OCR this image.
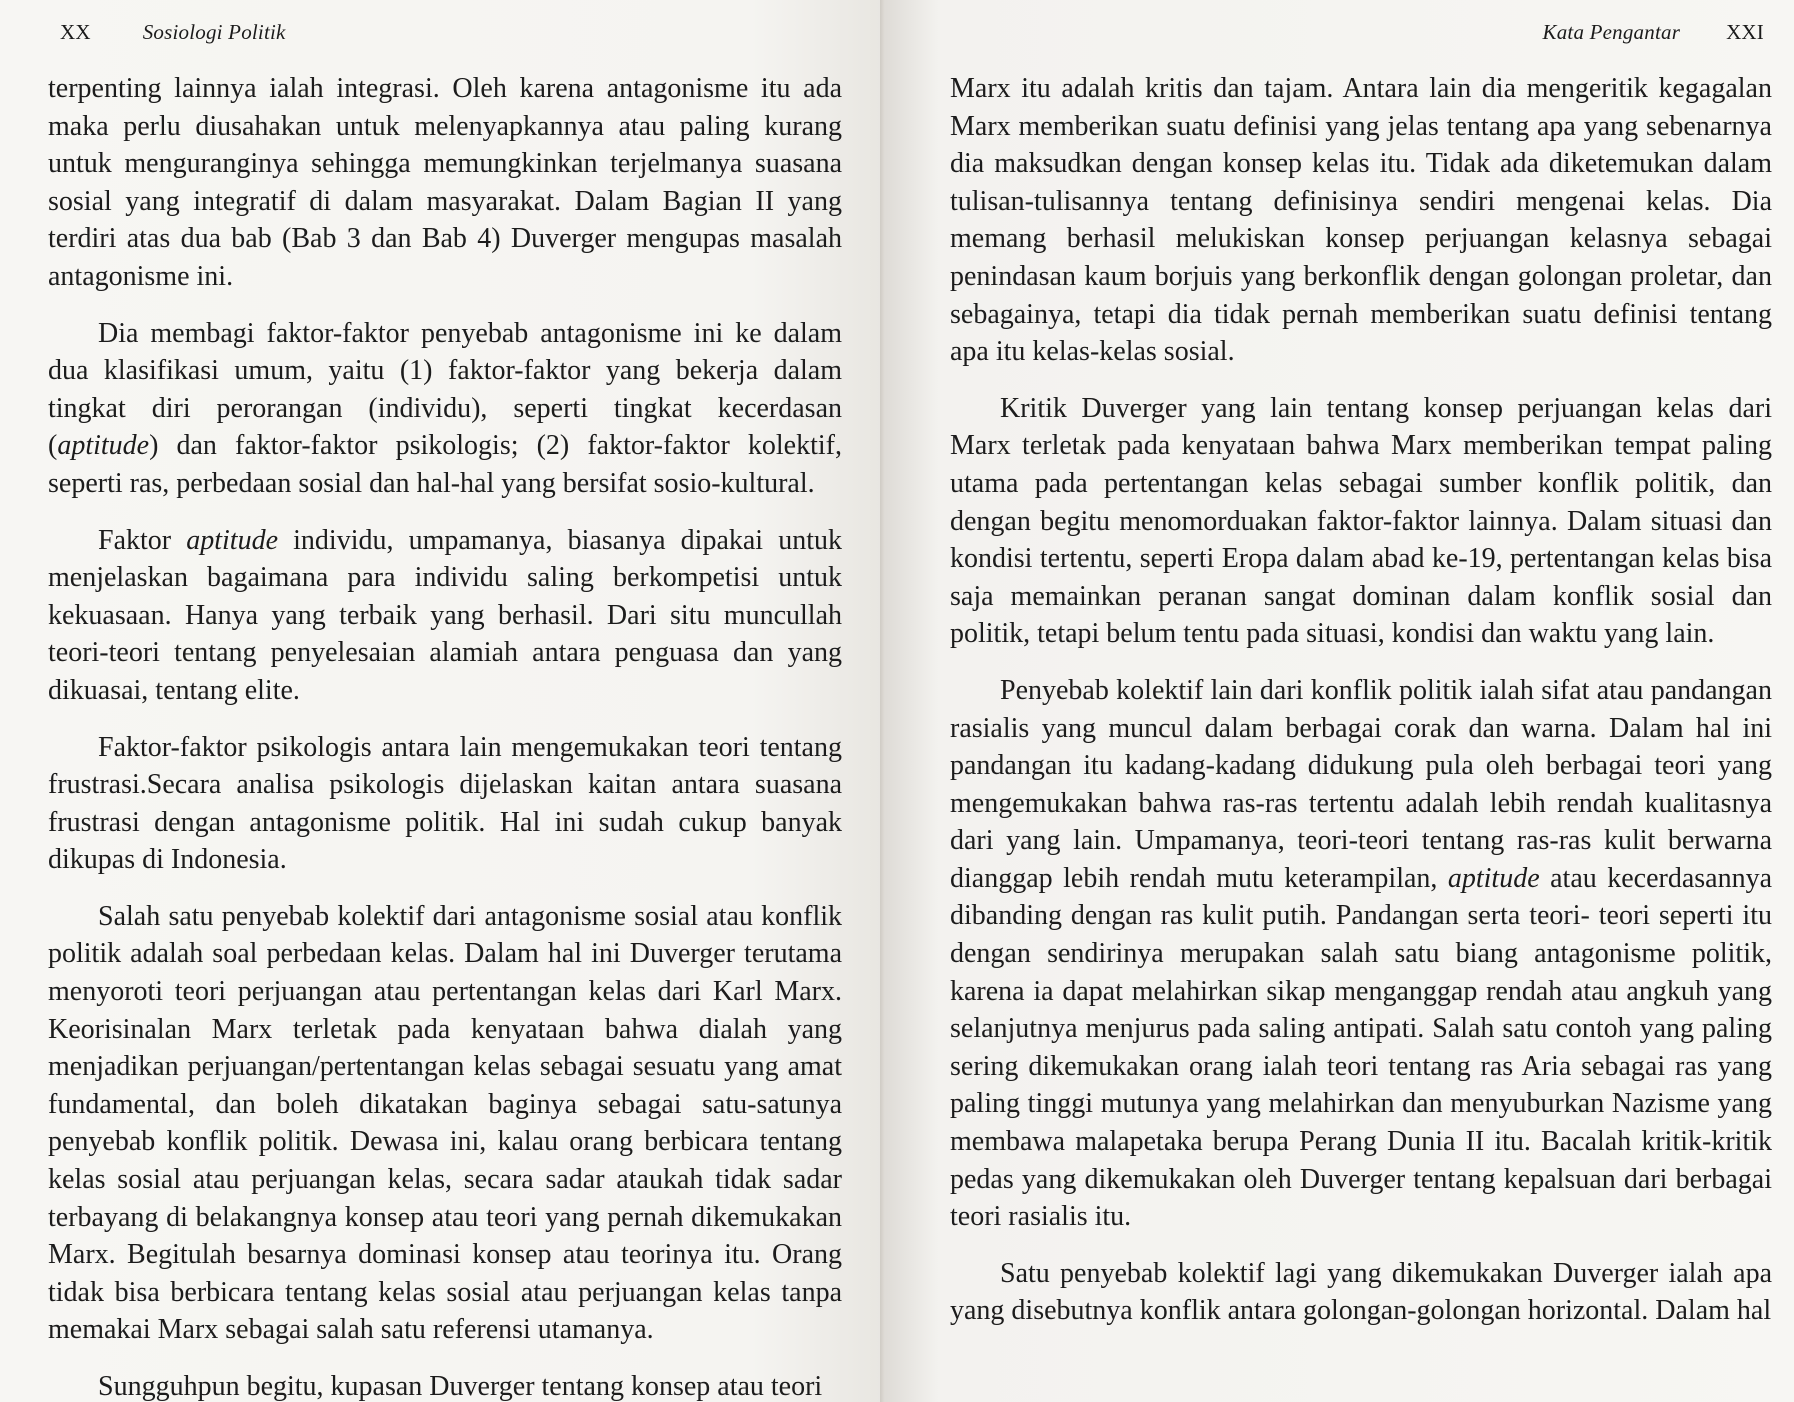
XX Sosiologi Politik

terpenting lainnya ialah integrasi. Oleh karena antagonisme itu ada maka perlu diusahakan untuk melenyapkannya atau paling kurang untuk menguranginya sehingga memungkinkan terjelmanya suasana sosial yang integratif di dalam masyarakat. Dalam Bagian II yang terdiri atas dua bab (Bab 3 dan Bab 4) Duverger mengupas masalah antagonisme ini.

Dia membagi faktor-faktor penyebab antagonisme ini ke dalam dua klasifikasi umum, yaitu (1) faktor-faktor yang bekerja dalam tingkat diri perorangan (individu), seperti tingkat kecerdasan (aptitude) dan faktor-faktor psikologis; (2) faktor-faktor kolektif, seperti ras, perbedaan sosial dan hal-hal yang bersifat sosio-kultural.

Faktor aptitude individu, umpamanya, biasanya dipakai untuk menjelaskan bagaimana para individu saling berkompetisi untuk kekuasaan. Hanya yang terbaik yang berhasil. Dari situ muncullah teori-teori tentang penyelesaian alamiah antara penguasa dan yang dikuasai, tentang elite.

Faktor-faktor psikologis antara lain mengemukakan teori tentang frustrasi.Secara analisa psikologis dijelaskan kaitan antara suasana frustrasi dengan antagonisme politik. Hal ini sudah cukup banyak dikupas di Indonesia.

Salah satu penyebab kolektif dari antagonisme sosial atau konflik politik adalah soal perbedaan kelas. Dalam hal ini Duverger terutama menyoroti teori perjuangan atau pertentangan kelas dari Karl Marx. Keorisinalan Marx terletak pada kenyataan bahwa dialah yang menjadikan perjuangan/pertentangan kelas sebagai sesuatu yang amat fundamental, dan boleh dikatakan baginya sebagai satu-satunya penyebab konflik politik. Dewasa ini, kalau orang berbicara tentang kelas sosial atau perjuangan kelas, secara sadar ataukah tidak sadar terbayang di belakangnya konsep atau teori yang pernah dikemukakan Marx. Begitulah besarnya dominasi konsep atau teorinya itu. Orang tidak bisa berbicara tentang kelas sosial atau perjuangan kelas tanpa memakai Marx sebagai salah satu referensi utamanya.

Sungguhpun begitu, kupasan Duverger tentang konsep atau teori

Kata Pengantar XXI

Marx itu adalah kritis dan tajam. Antara lain dia mengeritik kegagalan Marx memberikan suatu definisi yang jelas tentang apa yang sebenarnya dia maksudkan dengan konsep kelas itu. Tidak ada diketemukan dalam tulisan-tulisannya tentang definisinya sendiri mengenai kelas. Dia memang berhasil melukiskan konsep perjuangan kelasnya sebagai penindasan kaum borjuis yang berkonflik dengan golongan proletar, dan sebagainya, tetapi dia tidak pernah memberikan suatu definisi tentang apa itu kelas-kelas sosial.

Kritik Duverger yang lain tentang konsep perjuangan kelas dari Marx terletak pada kenyataan bahwa Marx memberikan tempat paling utama pada pertentangan kelas sebagai sumber konflik politik, dan dengan begitu menomorduakan faktor-faktor lainnya. Dalam situasi dan kondisi tertentu, seperti Eropa dalam abad ke-19, pertentangan kelas bisa saja memainkan peranan sangat dominan dalam konflik sosial dan politik, tetapi belum tentu pada situasi, kondisi dan waktu yang lain.

Penyebab kolektif lain dari konflik politik ialah sifat atau pandangan rasialis yang muncul dalam berbagai corak dan warna. Dalam hal ini pandangan itu kadang-kadang didukung pula oleh berbagai teori yang mengemukakan bahwa ras-ras tertentu adalah lebih rendah kualitasnya dari yang lain. Umpamanya, teori-teori tentang ras-ras kulit berwarna dianggap lebih rendah mutu keterampilan, aptitude atau kecerdasannya dibanding dengan ras kulit putih. Pandangan serta teori- teori seperti itu dengan sendirinya merupakan salah satu biang antagonisme politik, karena ia dapat melahirkan sikap menganggap rendah atau angkuh yang selanjutnya menjurus pada saling antipati. Salah satu contoh yang paling sering dikemukakan orang ialah teori tentang ras Aria sebagai ras yang paling tinggi mutunya yang melahirkan dan menyuburkan Nazisme yang membawa malapetaka berupa Perang Dunia II itu. Bacalah kritik-kritik pedas yang dikemukakan oleh Duverger tentang kepalsuan dari berbagai teori rasialis itu.

Satu penyebab kolektif lagi yang dikemukakan Duverger ialah apa yang disebutnya konflik antara golongan-golongan horizontal. Dalam hal
